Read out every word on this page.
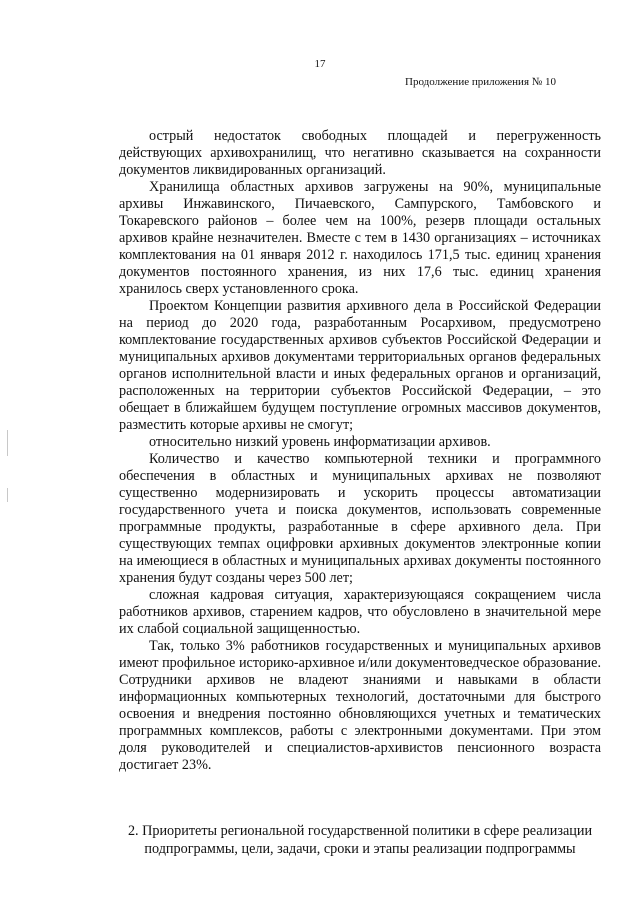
17
Продолжение приложения № 10

острый недостаток свободных площадей и перегруженность действующих архивохранилищ, что негативно сказывается на сохранности документов ликвидированных организаций.

Хранилища областных архивов загружены на 90%, муниципальные архивы Инжавинского, Пичаевского, Сампурского, Тамбовского и Токаревского районов – более чем на 100%, резерв площади остальных архивов крайне незначителен. Вместе с тем в 1430 организациях – источниках комплектования на 01 января 2012 г. находилось 171,5 тыс. единиц хранения документов постоянного хранения, из них 17,6 тыс. единиц хранения хранилось сверх установленного срока.

Проектом Концепции развития архивного дела в Российской Федерации на период до 2020 года, разработанным Росархивом, предусмотрено комплектование государственных архивов субъектов Российской Федерации и муниципальных архивов документами территориальных органов федеральных органов исполнительной власти и иных федеральных органов и организаций, расположенных на территории субъектов Российской Федерации, – это обещает в ближайшем будущем поступление огромных массивов документов, разместить которые архивы не смогут;

относительно низкий уровень информатизации архивов.

Количество и качество компьютерной техники и программного обеспечения в областных и муниципальных архивах не позволяют существенно модернизировать и ускорить процессы автоматизации государственного учета и поиска документов, использовать современные программные продукты, разработанные в сфере архивного дела. При существующих темпах оцифровки архивных документов электронные копии на имеющиеся в областных и муниципальных архивах документы постоянного хранения будут созданы через 500 лет;

сложная кадровая ситуация, характеризующаяся сокращением числа работников архивов, старением кадров, что обусловлено в значительной мере их слабой социальной защищенностью.

Так, только 3% работников государственных и муниципальных архивов имеют профильное историко-архивное и/или документоведческое образование. Сотрудники архивов не владеют знаниями и навыками в области информационных компьютерных технологий, достаточными для быстрого освоения и внедрения постоянно обновляющихся учетных и тематических программных комплексов, работы с электронными документами. При этом доля руководителей и специалистов-архивистов пенсионного возраста достигает 23%.

2. Приоритеты региональной государственной политики в сфере реализации
подпрограммы, цели, задачи, сроки и этапы реализации подпрограммы
